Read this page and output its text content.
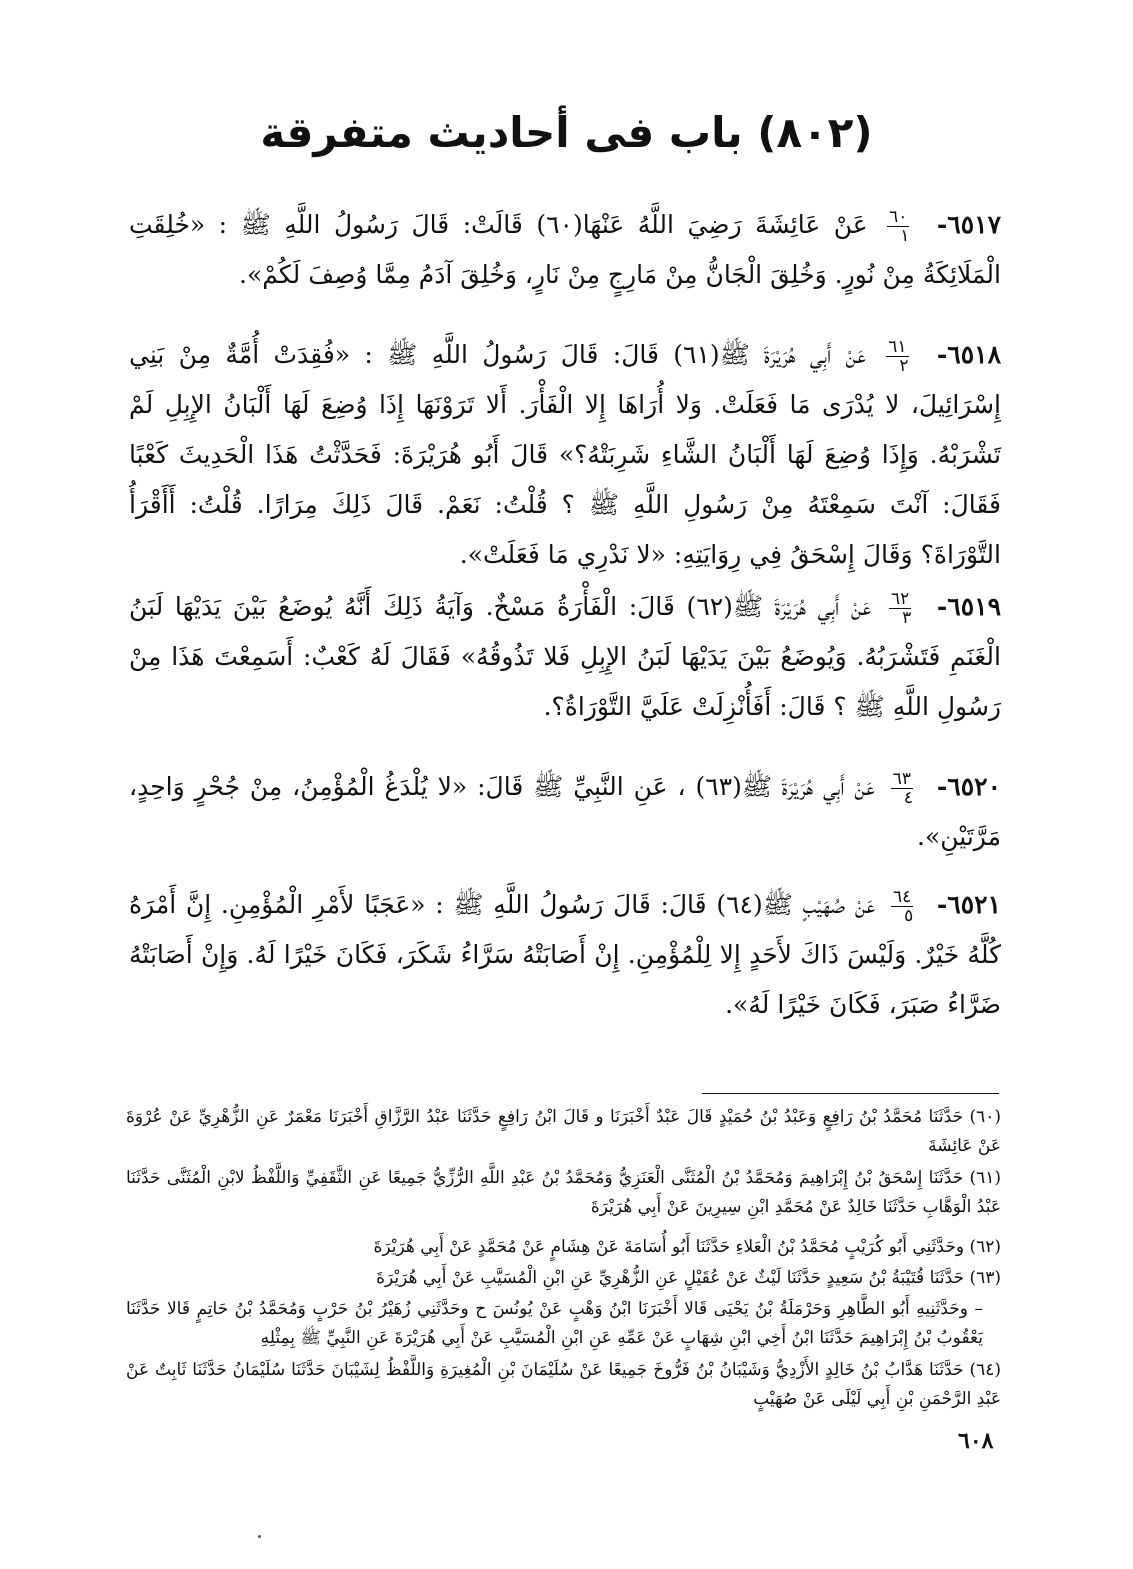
(٨٠٢) باب فى أحاديث متفرقة

٦٥١٧-
$\frac{٦٠}{١}$
عَنْ عَائِشَةَ رَضِيَ اللَّهُ عَنْهَا(٦٠) قَالَتْ: قَالَ رَسُولُ اللَّهِ ﷺ : «خُلِقَتِ الْمَلَائِكَةُ مِنْ نُورٍ. وَخُلِقَ الْجَانُّ مِنْ مَارِجٍ مِنْ نَارٍ، وَخُلِقَ آدَمُ مِمَّا وُصِفَ لَكُمْ».

٦٥١٨-
$\frac{٦١}{٢}$
عَنْ أَبِي هُرَيْرَةَ ﷺ(٦١) قَالَ: قَالَ رَسُولُ اللَّهِ ﷺ : «فُقِدَتْ أُمَّةٌ مِنْ بَنِي إِسْرَائِيلَ، لا يُدْرَى مَا فَعَلَتْ. وَلا أُرَاهَا إِلا الْفَأْرَ. أَلا تَرَوْنَهَا إِذَا وُضِعَ لَهَا أَلْبَانُ الإِبِلِ لَمْ تَشْرَبْهُ. وَإِذَا وُضِعَ لَهَا أَلْبَانُ الشَّاءِ شَرِبَتْهُ؟» قَالَ أَبُو هُرَيْرَةَ: فَحَدَّثْتُ هَذَا الْحَدِيثَ كَعْبًا فَقَالَ: آنْتَ سَمِعْتَهُ مِنْ رَسُولِ اللَّهِ ﷺ ؟ قُلْتُ: نَعَمْ. قَالَ ذَلِكَ مِرَارًا. قُلْتُ: أَأَقْرَأُ التَّوْرَاةَ؟ وَقَالَ إِسْحَقُ فِي رِوَايَتِهِ: «لا نَدْرِي مَا فَعَلَتْ».

٦٥١٩-
$\frac{٦٢}{٣}$
عَنْ أَبِي هُرَيْرَةَ ﷺ(٦٢) قَالَ: الْفَأْرَةُ مَسْخٌ. وَآيَةُ ذَلِكَ أَنَّهُ يُوضَعُ بَيْنَ يَدَيْهَا لَبَنُ الْغَنَمِ فَتَشْرَبُهُ. وَيُوضَعُ بَيْنَ يَدَيْهَا لَبَنُ الإِبِلِ فَلا تَذُوقُهُ» فَقَالَ لَهُ كَعْبٌ: أَسَمِعْتَ هَذَا مِنْ رَسُولِ اللَّهِ ﷺ ؟ قَالَ: أَفَأُنْزِلَتْ عَلَيَّ التَّوْرَاةُ؟.

٦٥٢٠-
$\frac{٦٣}{٤}$
عَنْ أَبِي هُرَيْرَةَ ﷺ(٦٣) ، عَنِ النَّبِيِّ ﷺ قَالَ: «لا يُلْدَغُ الْمُؤْمِنُ، مِنْ جُحْرٍ وَاحِدٍ، مَرَّتَيْنِ».

٦٥٢١-
$\frac{٦٤}{٥}$
عَنْ صُهَيْبٍ ﷺ(٦٤) قَالَ: قَالَ رَسُولُ اللَّهِ ﷺ : «عَجَبًا لأَمْرِ الْمُؤْمِنِ. إِنَّ أَمْرَهُ كُلَّهُ خَيْرٌ. وَلَيْسَ ذَاكَ لأَحَدٍ إِلا لِلْمُؤْمِنِ. إِنْ أَصَابَتْهُ سَرَّاءُ شَكَرَ، فَكَانَ خَيْرًا لَهُ. وَإِنْ أَصَابَتْهُ ضَرَّاءُ صَبَرَ، فَكَانَ خَيْرًا لَهُ».

(٦٠) حَدَّثَنَا مُحَمَّدُ بْنُ رَافِعٍ وَعَبْدُ بْنُ حُمَيْدٍ قَالَ عَبْدٌ أَخْبَرَنَا و قَالَ ابْنُ رَافِعٍ حَدَّثَنَا عَبْدُ الرَّزَّاقِ أَخْبَرَنَا مَعْمَرٌ عَنِ الزُّهْرِيِّ عَنْ عُرْوَةَ عَنْ عَائِشَةَ

(٦١) حَدَّثَنَا إِسْحَقُ بْنُ إِبْرَاهِيمَ وَمُحَمَّدُ بْنُ الْمُثَنَّى الْعَنَزِيُّ وَمُحَمَّدُ بْنُ عَبْدِ اللَّهِ الرُّزِّيُّ جَمِيعًا عَنِ الثَّقَفِيِّ وَاللَّفْظُ لابْنِ الْمُثَنَّى حَدَّثَنَا عَبْدُ الْوَهَّابِ حَدَّثَنَا خَالِدٌ عَنْ مُحَمَّدِ ابْنِ سِيرِينَ عَنْ أَبِي هُرَيْرَةَ

(٦٢) وحَدَّثَنِي أَبُو كُرَيْبٍ مُحَمَّدُ بْنُ الْعَلاءِ حَدَّثَنَا أَبُو أُسَامَةَ عَنْ هِشَامٍ عَنْ مُحَمَّدٍ عَنْ أَبِي هُرَيْرَةَ

(٦٣) حَدَّثَنَا قُتَيْبَةُ بْنُ سَعِيدٍ حَدَّثَنَا لَيْثٌ عَنْ عُقَيْلٍ عَنِ الزُّهْرِيِّ عَنِ ابْنِ الْمُسَيَّبِ عَنْ أَبِي هُرَيْرَةَ

– وحَدَّثَنِيهِ أَبُو الطَّاهِرِ وَحَرْمَلَةُ بْنُ يَحْيَى قَالا أَخْبَرَنَا ابْنُ وَهْبٍ عَنْ يُونُسَ ح وحَدَّثَنِي زُهَيْرُ بْنُ حَرْبٍ وَمُحَمَّدُ بْنُ حَاتِمٍ قَالا حَدَّثَنَا يَعْقُوبُ بْنُ إِبْرَاهِيمَ حَدَّثَنَا ابْنُ أَخِي ابْنِ شِهَابٍ عَنْ عَمِّهِ عَنِ ابْنِ الْمُسَيَّبِ عَنْ أَبِي هُرَيْرَةَ عَنِ النَّبِيِّ ﷺ بِمِثْلِهِ

(٦٤) حَدَّثَنَا هَدَّابُ بْنُ خَالِدٍ الأَزْدِيُّ وَشَيْبَانُ بْنُ فَرُّوخَ جَمِيعًا عَنْ سُلَيْمَانَ بْنِ الْمُغِيرَةِ وَاللَّفْظُ لِشَيْبَانَ حَدَّثَنَا سُلَيْمَانُ حَدَّثَنَا ثَابِتٌ عَنْ عَبْدِ الرَّحْمَنِ بْنِ أَبِي لَيْلَى عَنْ صُهَيْبٍ

٦٠٨
